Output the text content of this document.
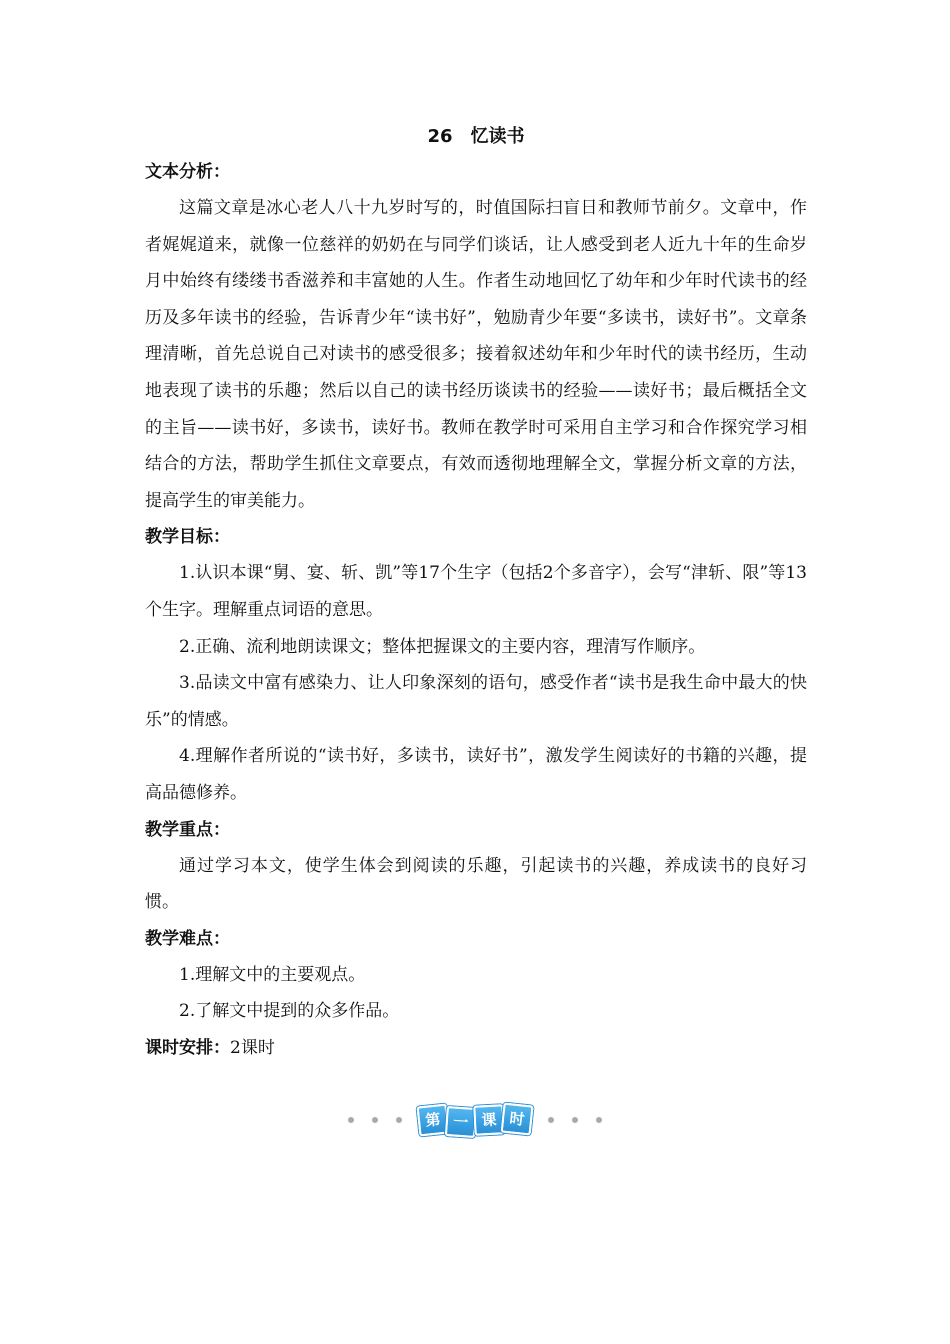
26 忆读书
文本分析：

这篇文章是冰心老人八十九岁时写的，时值国际扫盲日和教师节前夕。文章中，作者娓娓道来，就像一位慈祥的奶奶在与同学们谈话，让人感受到老人近九十年的生命岁月中始终有缕缕书香滋养和丰富她的人生。作者生动地回忆了幼年和少年时代读书的经历及多年读书的经验，告诉青少年“读书好”，勉励青少年要“多读书，读好书”。文章条理清晰，首先总说自己对读书的感受很多；接着叙述幼年和少年时代的读书经历，生动地表现了读书的乐趣；然后以自己的读书经历谈读书的经验——读好书；最后概括全文的主旨——读书好，多读书，读好书。教师在教学时可采用自主学习和合作探究学习相结合的方法，帮助学生抓住文章要点，有效而透彻地理解全文，掌握分析文章的方法，提高学生的审美能力。

教学目标：

1.认识本课“舅、宴、斩、凯”等17个生字（包括2个多音字），会写“津斩、限”等13个生字。理解重点词语的意思。

2.正确、流利地朗读课文；整体把握课文的主要内容，理清写作顺序。

3.品读文中富有感染力、让人印象深刻的语句，感受作者“读书是我生命中最大的快乐”的情感。

4.理解作者所说的“读书好，多读书，读好书”，激发学生阅读好的书籍的兴趣，提高品德修养。

教学重点：

通过学习本文，使学生体会到阅读的乐趣，引起读书的兴趣，养成读书的良好习惯。

教学难点：

1.理解文中的主要观点。

2.了解文中提到的众多作品。

课时安排：2课时

第 一 课 时
